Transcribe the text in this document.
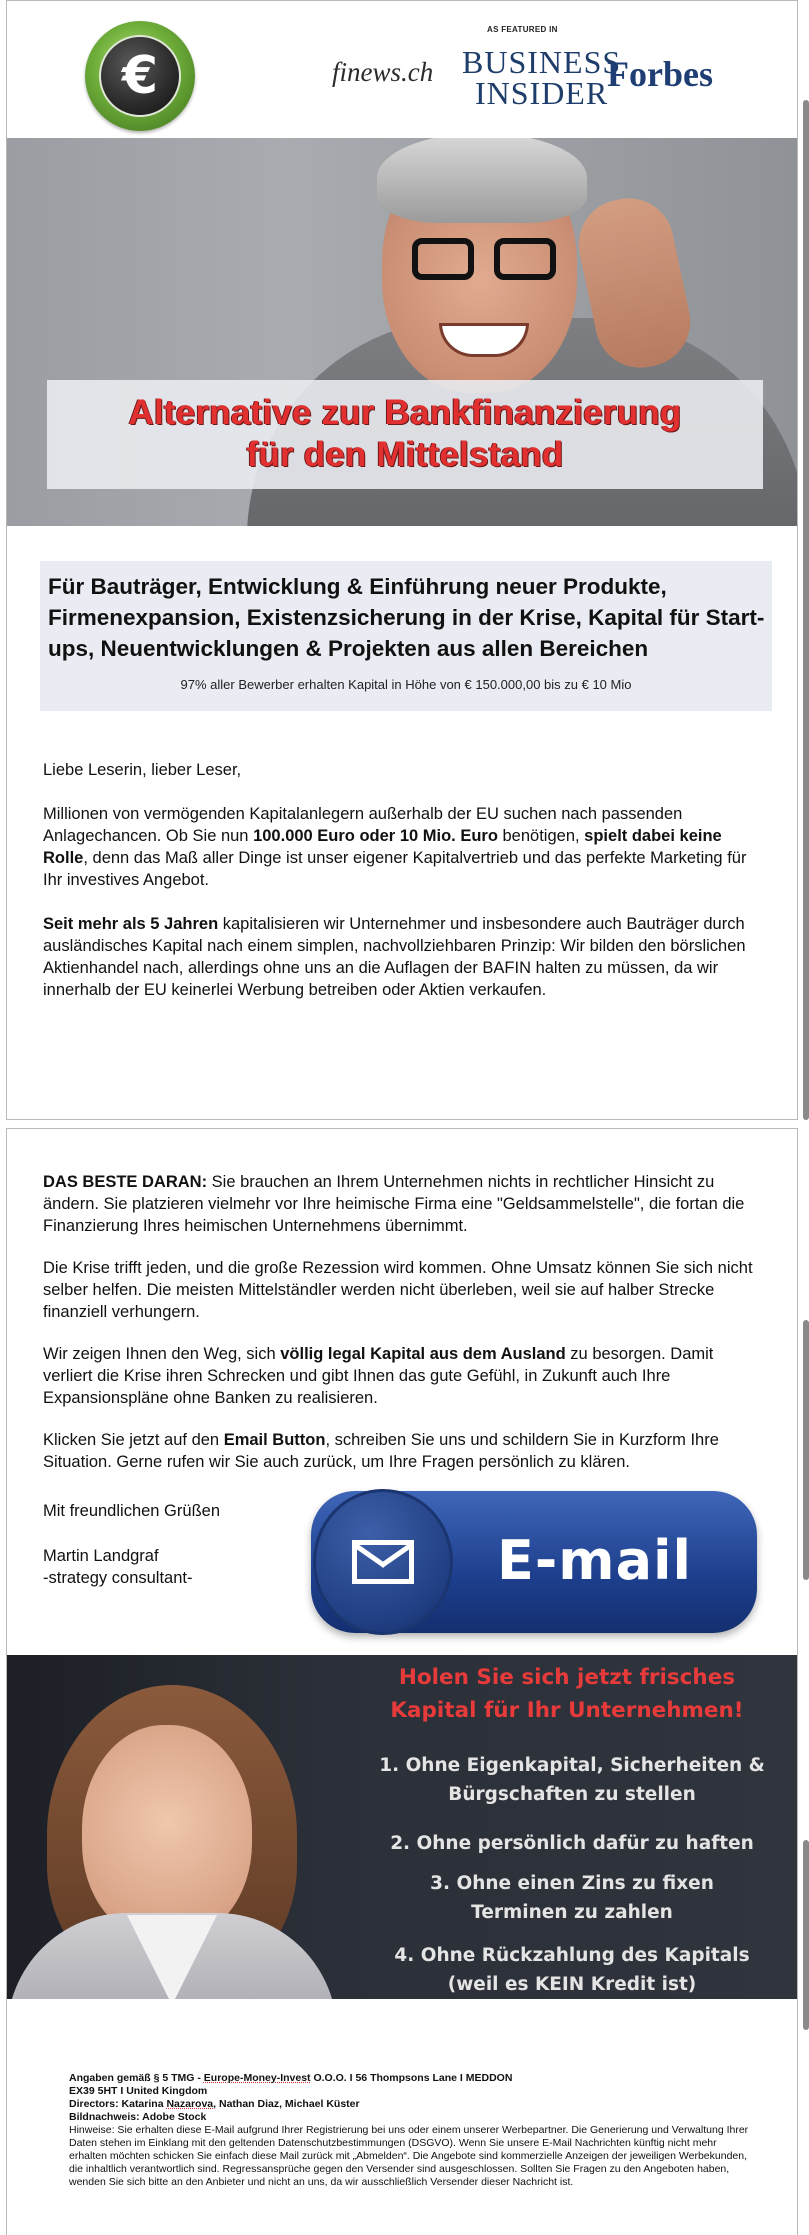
€
AS FEATURED IN
finews.ch BUSINESS
INSIDER
Forbes
Alternative zur Bankfinanzierung
für den Mittelstand
Für Bauträger, Entwicklung & Einführung neuer Produkte, Firmenexpansion, Existenzsicherung in der Krise, Kapital für Start-ups, Neuentwicklungen & Projekten aus allen Bereichen
97% aller Bewerber erhalten Kapital in Höhe von € 150.000,00 bis zu € 10 Mio
Liebe Leserin, lieber Leser,
Millionen von vermögenden Kapitalanlegern außerhalb der EU suchen nach passenden Anlagechancen. Ob Sie nun 100.000 Euro oder 10 Mio. Euro benötigen, spielt dabei keine Rolle, denn das Maß aller Dinge ist unser eigener Kapitalvertrieb und das perfekte Marketing für Ihr investives Angebot.
Seit mehr als 5 Jahren kapitalisieren wir Unternehmer und insbesondere auch Bauträger durch ausländisches Kapital nach einem simplen, nachvollziehbaren Prinzip: Wir bilden den börslichen Aktienhandel nach, allerdings ohne uns an die Auflagen der BAFIN halten zu müssen, da wir innerhalb der EU keinerlei Werbung betreiben oder Aktien verkaufen.
DAS BESTE DARAN: Sie brauchen an Ihrem Unternehmen nichts in rechtlicher Hinsicht zu ändern. Sie platzieren vielmehr vor Ihre heimische Firma eine "Geldsammelstelle", die fortan die Finanzierung Ihres heimischen Unternehmens übernimmt.
Die Krise trifft jeden, und die große Rezession wird kommen. Ohne Umsatz können Sie sich nicht selber helfen. Die meisten Mittelständler werden nicht überleben, weil sie auf halber Strecke finanziell verhungern.
Wir zeigen Ihnen den Weg, sich völlig legal Kapital aus dem Ausland zu besorgen. Damit verliert die Krise ihren Schrecken und gibt Ihnen das gute Gefühl, in Zukunft auch Ihre Expansionspläne ohne Banken zu realisieren.
Klicken Sie jetzt auf den Email Button, schreiben Sie uns und schildern Sie in Kurzform Ihre Situation. Gerne rufen wir Sie auch zurück, um Ihre Fragen persönlich zu klären.
Mit freundlichen Grüßen
Martin Landgraf
-strategy consultant-	E-mail
Holen Sie sich jetzt frisches
Kapital für Ihr Unternehmen!
1. Ohne Eigenkapital, Sicherheiten &
Bürgschaften zu stellen
2. Ohne persönlich dafür zu haften
3. Ohne einen Zins zu fixen
Terminen zu zahlen
4. Ohne Rückzahlung des Kapitals
(weil es KEIN Kredit ist)
Angaben gemäß § 5 TMG - Europe-Money-Invest O.O.O. I 56 Thompsons Lane I MEDDON
EX39 5HT I United Kingdom
Directors: Katarina Nazarova, Nathan Diaz, Michael Küster
Bildnachweis: Adobe Stock
Hinweise: Sie erhalten diese E-Mail aufgrund Ihrer Registrierung bei uns oder einem unserer Werbepartner. Die Generierung und Verwaltung Ihrer Daten stehen im Einklang mit den geltenden Datenschutzbestimmungen (DSGVO). Wenn Sie unsere E-Mail Nachrichten künftig nicht mehr erhalten möchten schicken Sie einfach diese Mail zurück mit „Abmelden“. Die Angebote sind kommerzielle Anzeigen der jeweiligen Werbekunden, die inhaltlich verantwortlich sind. Regressansprüche gegen den Versender sind ausgeschlossen. Sollten Sie Fragen zu den Angeboten haben, wenden Sie sich bitte an den Anbieter und nicht an uns, da wir ausschließlich Versender dieser Nachricht ist.
